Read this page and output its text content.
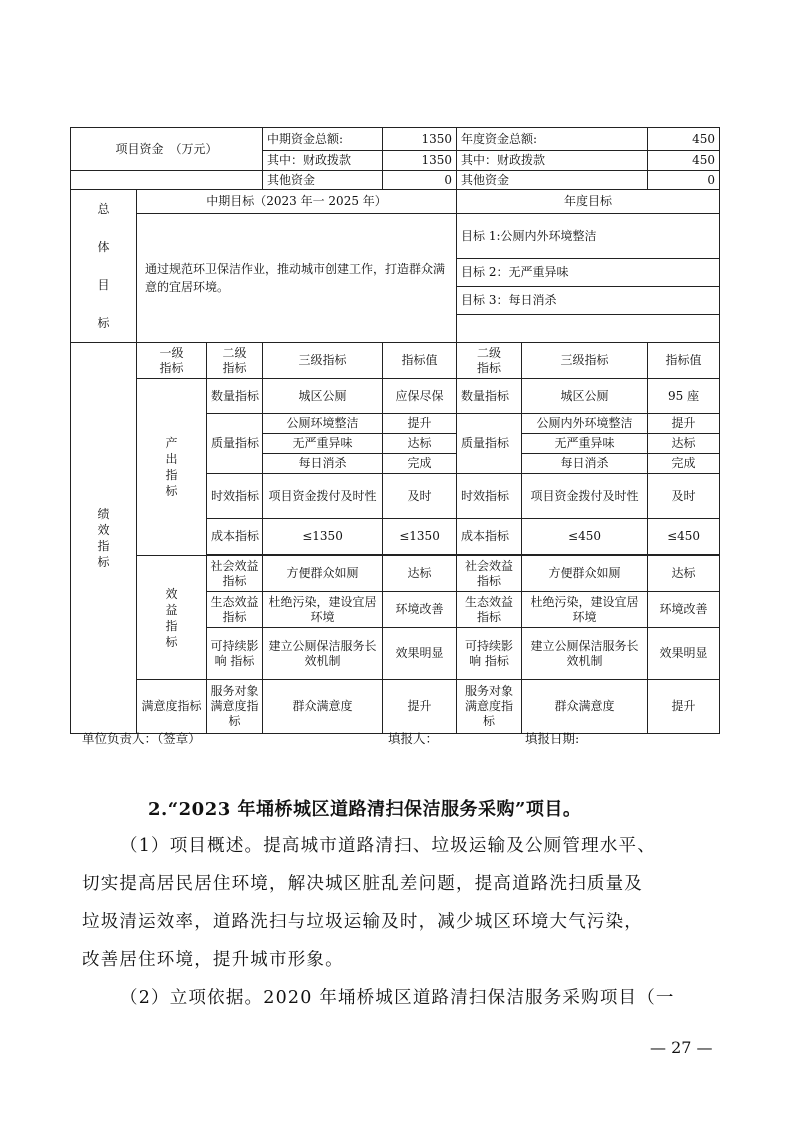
项目资金　（万元）			中期资金总额:	1350	年度资金总额:		450
			其中：财政拨款	1350	其中：财政拨款		450
			其他资金	0	其他资金		0
总体目标	中期目标（2023 年一 2025 年）				年度目标		
	通过规范环卫保洁作业，推动城市创建工作，打造群众满意的宜居环境。				目标 1:公厕内外环境整洁		
					目标 2：无严重异味		
					目标 3：每日消杀		

绩效指标	一级指标	二级指标	三级指标	指标值	二级指标	三级指标	指标值
	产出指标	数量指标	城区公厕	应保尽保	数量指标	城区公厕	95 座
		质量指标	公厕环境整洁	提升	质量指标	公厕内外环境整洁	提升
			无严重异味	达标		无严重异味	达标
			每日消杀	完成		每日消杀	完成
		时效指标	项目资金拨付及时性	及时	时效指标	项目资金拨付及时性	及时
		成本指标	≤1350	≤1350	成本指标	≤450	≤450

	效益指标	社会效益 指标	方便群众如厕	达标	社会效益 指标	方便群众如厕	达标
		生态效益 指标	杜绝污染，建设宜居环境	环境改善	生态效益 指标	杜绝污染，建设宜居环境	环境改善
		可持续影响 指标	建立公厕保洁服务长效机制	效果明显	可持续影响 指标	建立公厕保洁服务长效机制	效果明显
	满意度指标	服务对象 满意度指标	群众满意度	提升	服务对象 满意度指标	群众满意度	提升
单位负责人：（签章）	填报人：	填报日期:
2.“2023 年埇桥城区道路清扫保洁服务采购”项目。
（1）项目概述。提高城市道路清扫、垃圾运输及公厕管理水平、
切实提高居民居住环境，解决城区脏乱差问题，提高道路洗扫质量及
垃圾清运效率，道路洗扫与垃圾运输及时，减少城区环境大气污染，
改善居住环境，提升城市形象。
（2）立项依据。2020 年埇桥城区道路清扫保洁服务采购项目（一
— 27 —
